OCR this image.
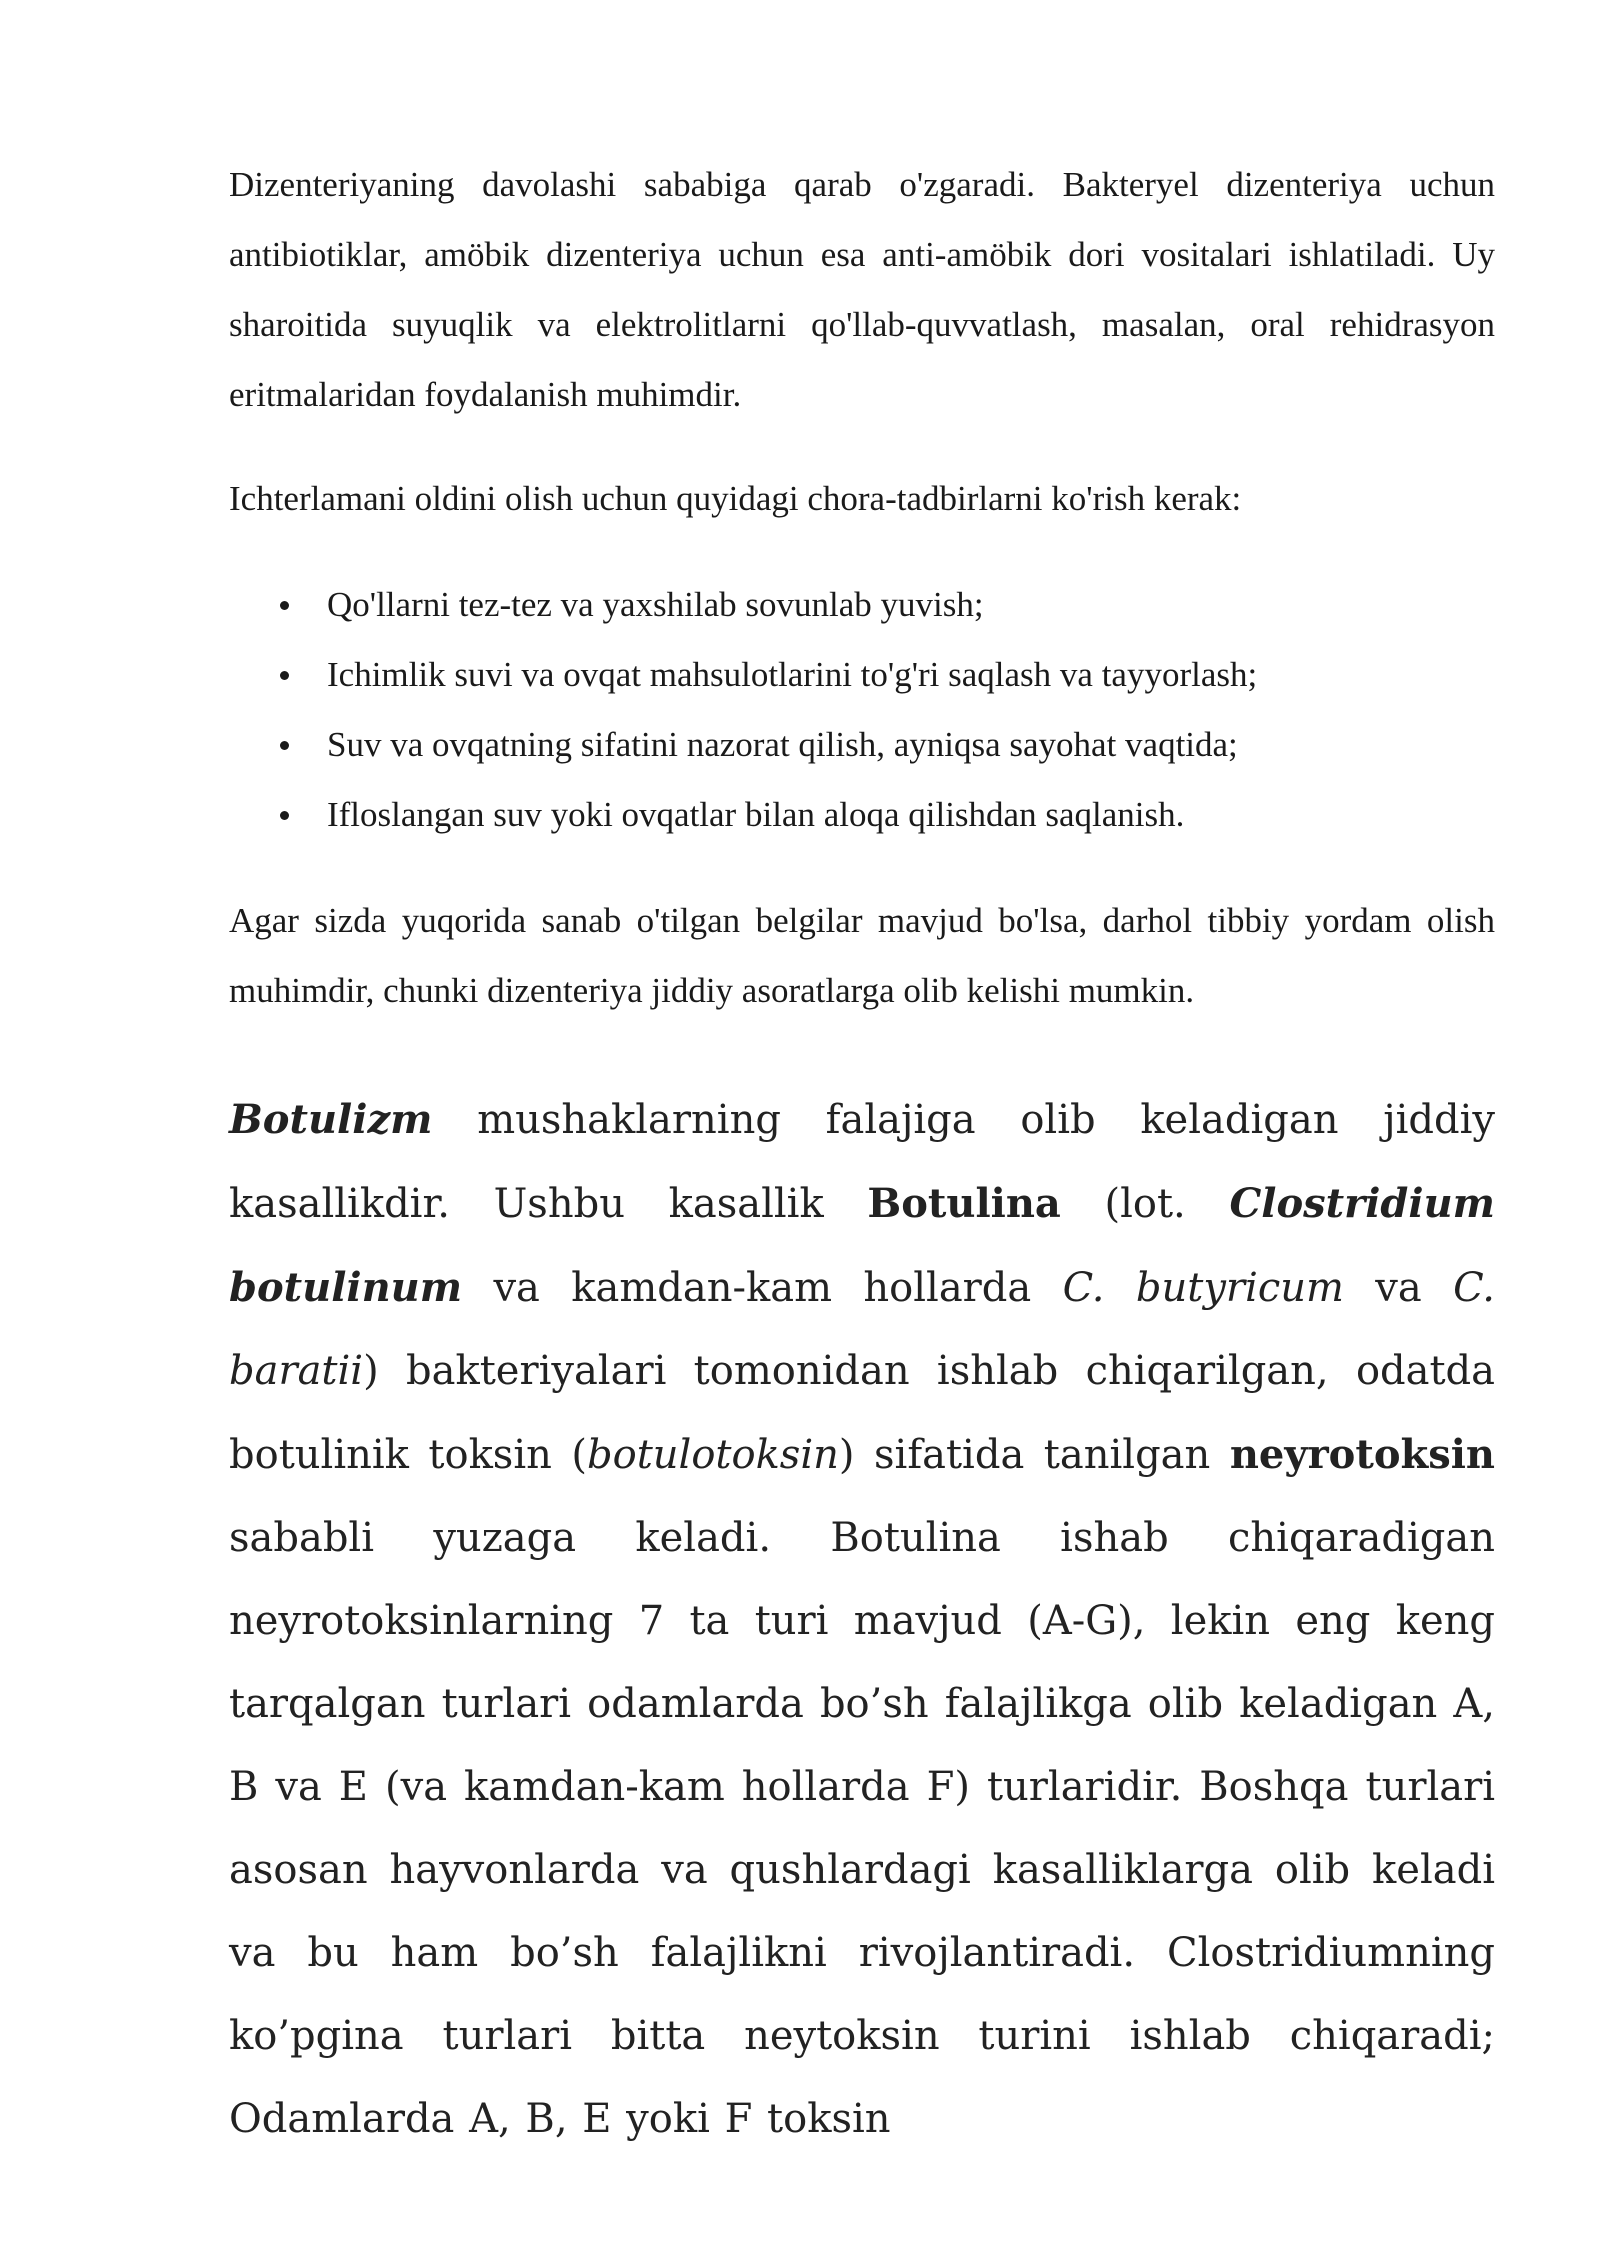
Dizenteriyaning davolashi sababiga qarab o'zgaradi. Bakteryel dizenteriya uchun antibiotiklar, amöbik dizenteriya uchun esa anti-amöbik dori vositalari ishlatiladi. Uy sharoitida suyuqlik va elektrolitlarni qo'llab-quvvatlash, masalan, oral rehidrasyon eritmalaridan foydalanish muhimdir.

Ichterlamani oldini olish uchun quyidagi chora-tadbirlarni ko'rish kerak:

Qo'llarni tez-tez va yaxshilab sovunlab yuvish;
Ichimlik suvi va ovqat mahsulotlarini to'g'ri saqlash va tayyorlash;
Suv va ovqatning sifatini nazorat qilish, ayniqsa sayohat vaqtida;
Ifloslangan suv yoki ovqatlar bilan aloqa qilishdan saqlanish.

Agar sizda yuqorida sanab o'tilgan belgilar mavjud bo'lsa, darhol tibbiy yordam olish muhimdir, chunki dizenteriya jiddiy asoratlarga olib kelishi mumkin.

Botulizm mushaklarning falajiga olib keladigan jiddiy kasallikdir. Ushbu kasallik Botulina (lot. Clostridium botulinum va kamdan-kam hollarda C. butyricum va C. baratii) bakteriyalari tomonidan ishlab chiqarilgan, odatda botulinik toksin (botulotoksin) sifatida tanilgan neyrotoksin sababli yuzaga keladi. Botulina ishab chiqaradigan neyrotoksinlarning 7 ta turi mavjud (A-G), lekin eng keng tarqalgan turlari odamlarda bo’sh falajlikga olib keladigan A, B va E (va kamdan-kam hollarda F) turlaridir. Boshqa turlari asosan hayvonlarda va qushlardagi kasalliklarga olib keladi va bu ham bo’sh falajlikni rivojlantiradi. Clostridiumning ko’pgina turlari bitta neytoksin turini ishlab chiqaradi; Odamlarda A, B, E yoki F toksin
